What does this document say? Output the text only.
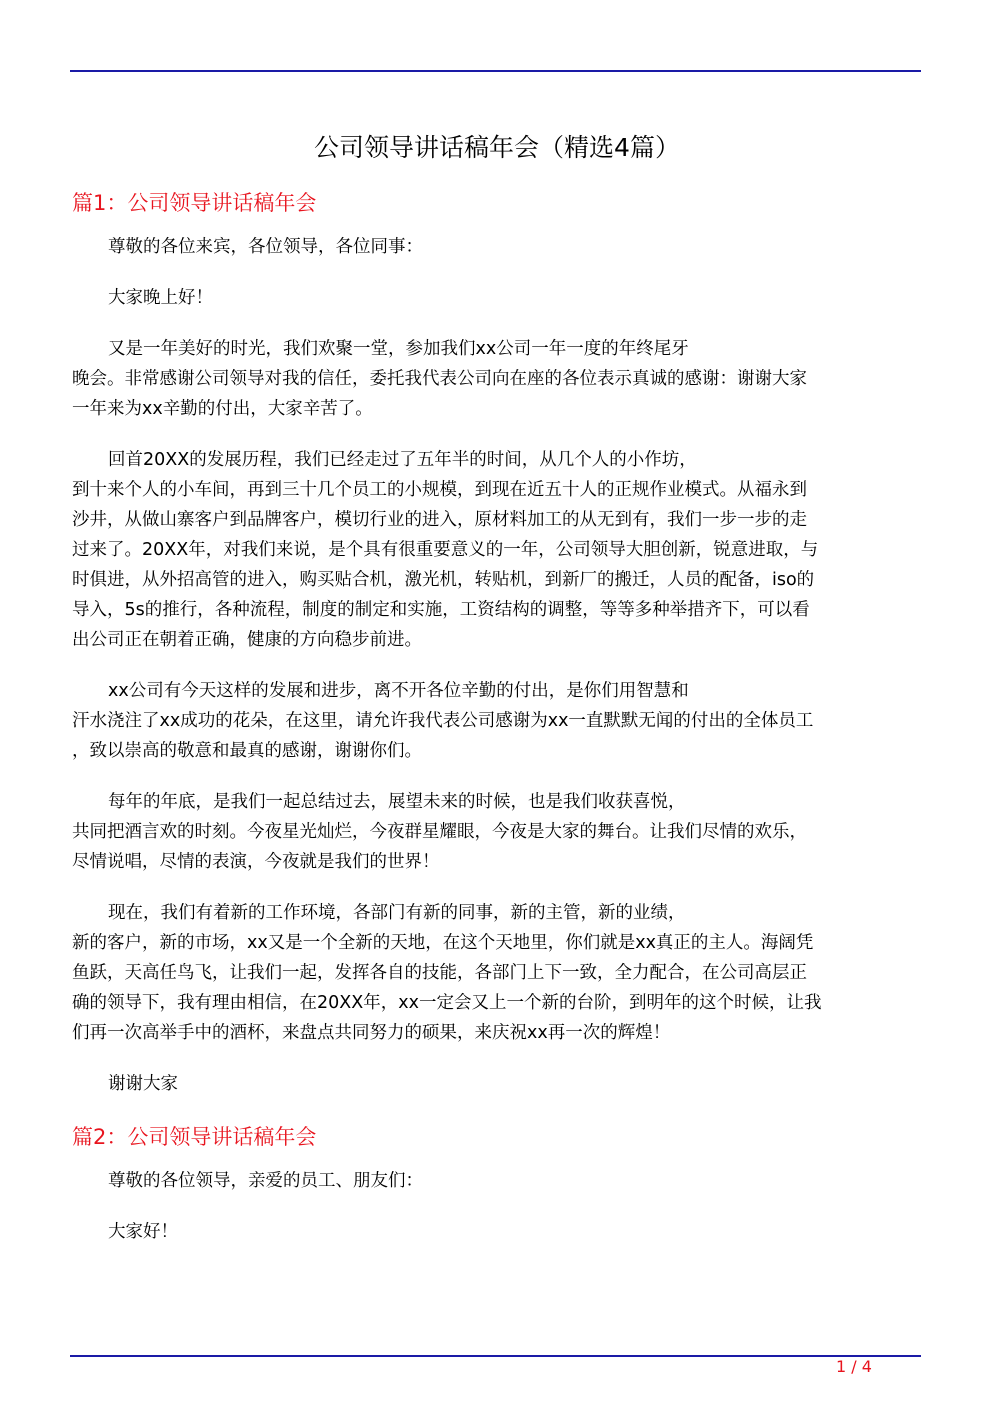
公司领导讲话稿年会（精选4篇）
篇1：公司领导讲话稿年会

尊敬的各位来宾，各位领导，各位同事：

大家晚上好！

又是一年美好的时光，我们欢聚一堂，参加我们xx公司一年一度的年终尾牙
晚会。非常感谢公司领导对我的信任，委托我代表公司向在座的各位表示真诚的感谢：谢谢大家
一年来为xx辛勤的付出，大家辛苦了。

回首20XX的发展历程，我们已经走过了五年半的时间，从几个人的小作坊，
到十来个人的小车间，再到三十几个员工的小规模，到现在近五十人的正规作业模式。从福永到
沙井，从做山寨客户到品牌客户，模切行业的进入，原材料加工的从无到有，我们一步一步的走
过来了。20XX年，对我们来说，是个具有很重要意义的一年，公司领导大胆创新，锐意进取，与
时俱进，从外招高管的进入，购买贴合机，激光机，转贴机，到新厂的搬迁，人员的配备，iso的
导入，5s的推行，各种流程，制度的制定和实施，工资结构的调整，等等多种举措齐下，可以看
出公司正在朝着正确，健康的方向稳步前进。

xx公司有今天这样的发展和进步，离不开各位辛勤的付出，是你们用智慧和
汗水浇注了xx成功的花朵，在这里，请允许我代表公司感谢为xx一直默默无闻的付出的全体员工
，致以崇高的敬意和最真的感谢，谢谢你们。

每年的年底，是我们一起总结过去，展望未来的时候，也是我们收获喜悦，
共同把酒言欢的时刻。今夜星光灿烂，今夜群星耀眼，今夜是大家的舞台。让我们尽情的欢乐，
尽情说唱，尽情的表演，今夜就是我们的世界！

现在，我们有着新的工作环境，各部门有新的同事，新的主管，新的业绩，
新的客户，新的市场，xx又是一个全新的天地，在这个天地里，你们就是xx真正的主人。海阔凭
鱼跃，天高任鸟飞，让我们一起，发挥各自的技能，各部门上下一致，全力配合，在公司高层正
确的领导下，我有理由相信，在20XX年，xx一定会又上一个新的台阶，到明年的这个时候，让我
们再一次高举手中的酒杯，来盘点共同努力的硕果，来庆祝xx再一次的辉煌！

谢谢大家

篇2：公司领导讲话稿年会

尊敬的各位领导，亲爱的员工、朋友们：

大家好！

1 / 4
